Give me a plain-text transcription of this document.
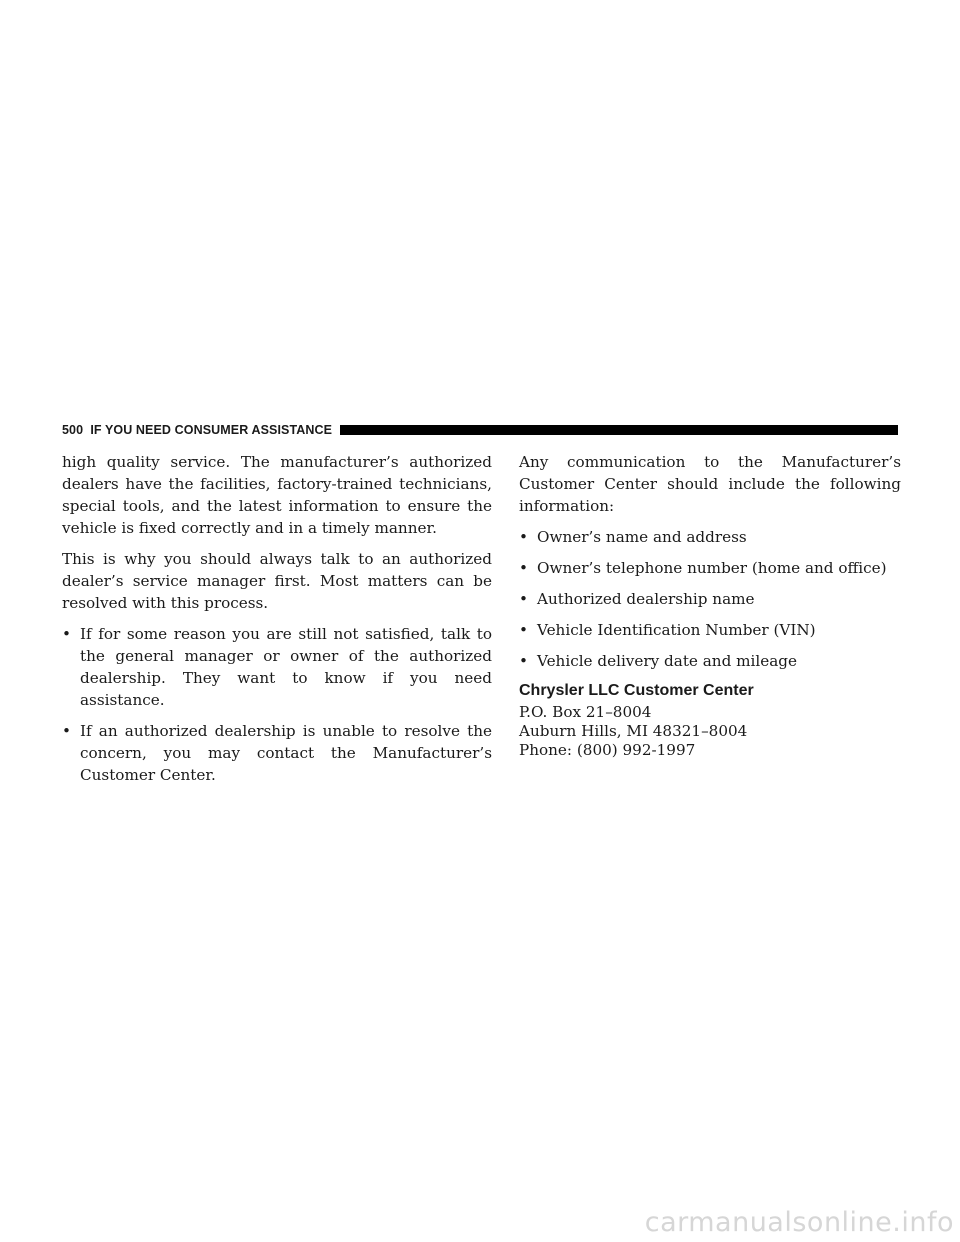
500 IF YOU NEED CONSUMER ASSISTANCE

high quality service. The manufacturer’s authorized dealers have the facilities, factory-trained technicians, special tools, and the latest information to ensure the vehicle is fixed correctly and in a timely manner.

This is why you should always talk to an authorized dealer’s service manager first. Most matters can be resolved with this process.

• If for some reason you are still not satisfied, talk to the general manager or owner of the authorized dealership. They want to know if you need assistance.
• If an authorized dealership is unable to resolve the concern, you may contact the Manufacturer’s Customer Center.

Any communication to the Manufacturer’s Customer Center should include the following information:

• Owner’s name and address
• Owner’s telephone number (home and office)
• Authorized dealership name
• Vehicle Identification Number (VIN)
• Vehicle delivery date and mileage
Chrysler LLC Customer Center
P.O. Box 21–8004
Auburn Hills, MI 48321–8004
Phone: (800) 992-1997
carmanualsonline.info
